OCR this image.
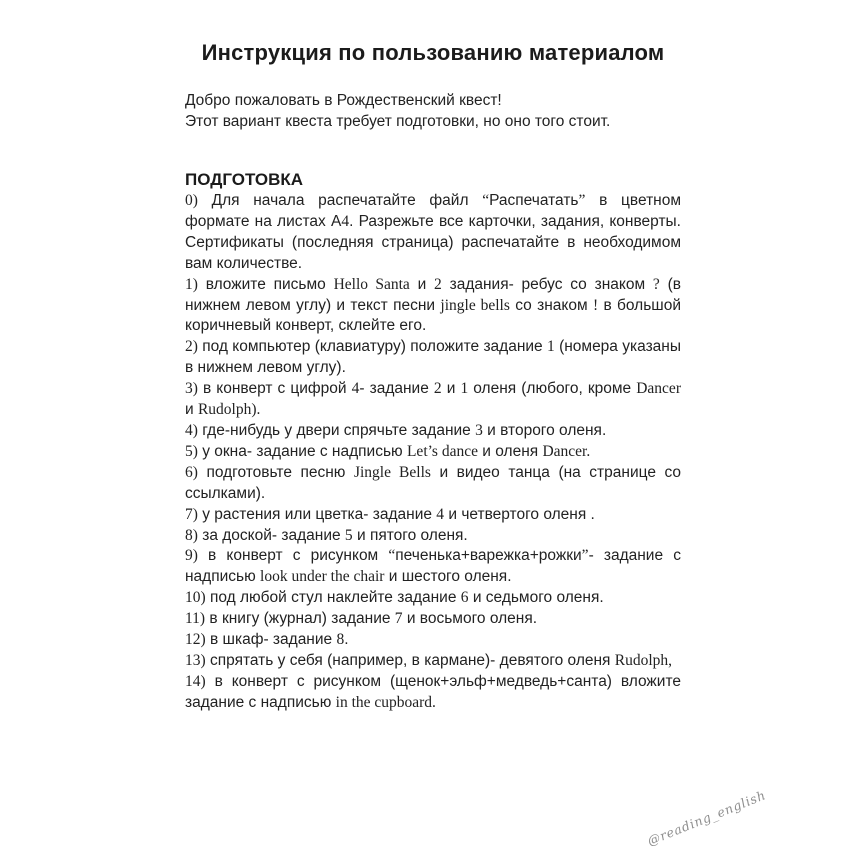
Инструкция по пользованию материалом
Добро пожаловать в Рождественский квест!
Этот вариант квеста требует подготовки, но оно того стоит.
ПОДГОТОВКА
0) Для начала распечатайте файл “Распечатать” в цветном формате на листах А4. Разрежьте все карточки, задания, конверты. Сертификаты (последняя страница) распечатайте в необходимом вам количестве.
1) вложите письмо Hello Santa и 2 задания- ребус со знаком ? (в нижнем левом углу) и текст песни jingle bells со знаком ! в большой коричневый конверт, склейте его.
2) под компьютер (клавиатуру) положите задание 1 (номера указаны в нижнем левом углу).
3) в конверт с цифрой 4- задание 2 и 1 оленя (любого, кроме Dancer и Rudolph).
4) где-нибудь у двери спрячьте задание 3 и второго оленя.
5) у окна- задание с надписью Let’s dance и оленя Dancer.
6) подготовьте песню Jingle Bells и видео танца (на странице со ссылками).
7) у растения или цветка- задание 4 и четвертого оленя .
8) за доской- задание 5 и пятого оленя.
9) в конверт с рисунком “печенька+варежка+рожки”- задание с надписью look under the chair и шестого оленя.
10) под любой стул наклейте задание 6 и седьмого оленя.
11) в книгу (журнал) задание 7 и восьмого оленя.
12) в шкаф- задание 8.
13) спрятать у себя (например, в кармане)- девятого оленя Rudolph,
14) в конверт с рисунком (щенок+эльф+медведь+санта) вложите задание с надписью in the cupboard.
@reading_english
